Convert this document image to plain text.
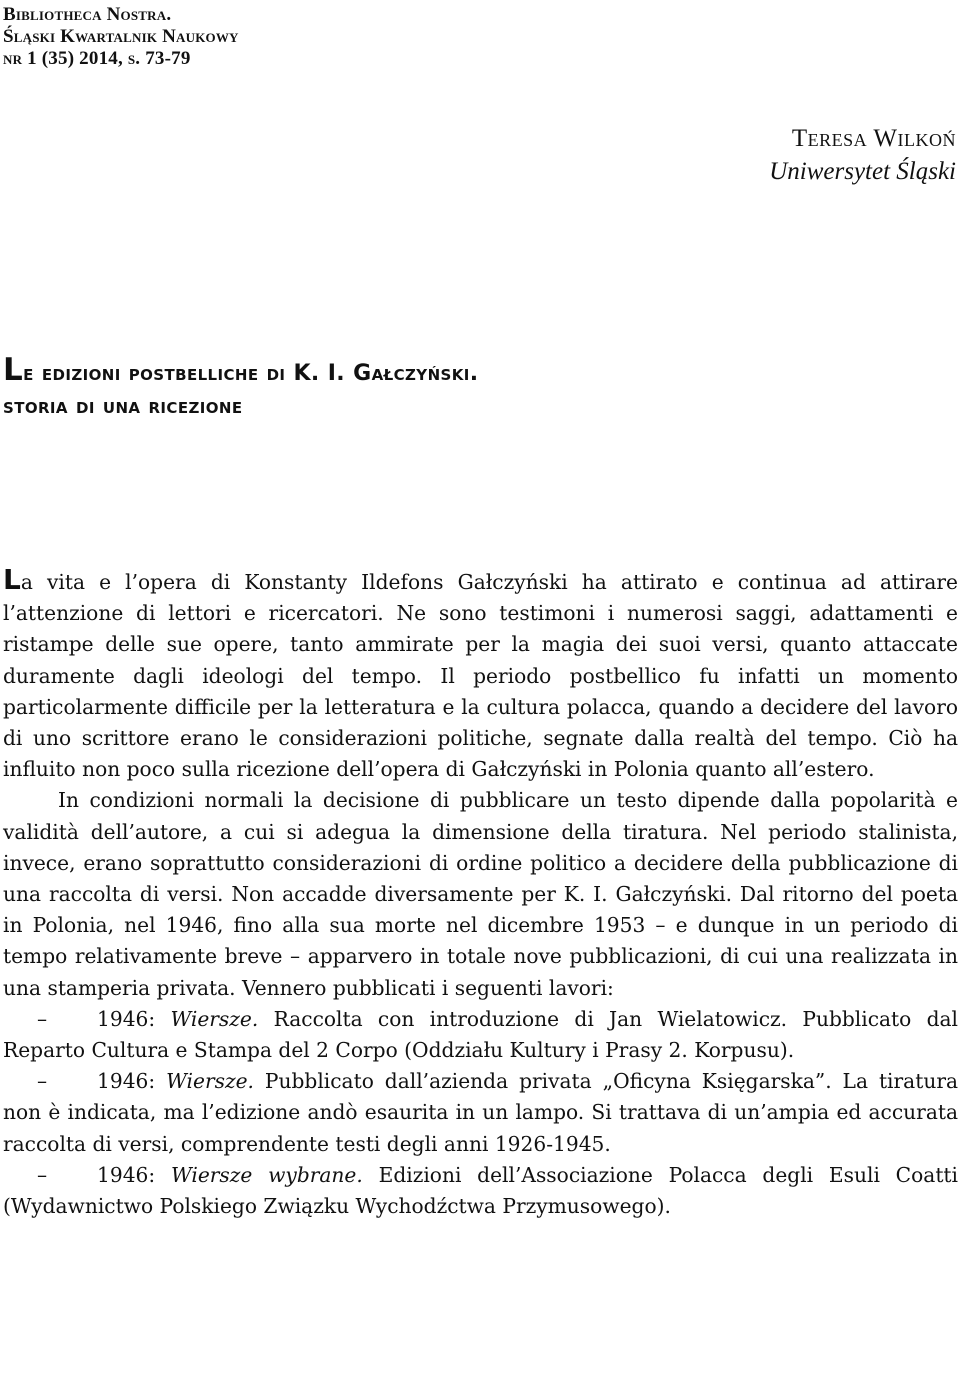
Bibliotheca Nostra.
Śląski Kwartalnik Naukowy
nr 1 (35) 2014, s. 73-79
Teresa Wilkoń
Uniwersytet Śląski
Le edizioni postbelliche di K. I. Gałczyński.
storia di una ricezione

La vita e l’opera di Konstanty Ildefons Gałczyński ha attirato e continua ad attirare l’attenzione di lettori e ricercatori. Ne sono testimoni i numerosi saggi, adattamenti e ristampe delle sue opere, tanto ammirate per la magia dei suoi versi, quanto attaccate duramente dagli ideologi del tempo. Il periodo postbellico fu infatti un momento particolarmente difficile per la letteratura e la cultura polacca, quando a decidere del lavoro di uno scrittore erano le considerazioni politiche, segnate dalla realtà del tempo. Ciò ha influito non poco sulla ricezione dell’opera di Gałczyński in Polonia quanto all’estero.

In condizioni normali la decisione di pubblicare un testo dipende dalla popolarità e validità dell’autore, a cui si adegua la dimensione della tiratura. Nel periodo stalinista, invece, erano soprattutto considerazioni di ordine politico a decidere della pubblicazione di una raccolta di versi. Non accadde diversamente per K. I. Gałczyński. Dal ritorno del poeta in Polonia, nel 1946, fino alla sua morte nel dicembre 1953 – e dunque in un periodo di tempo relativamente breve – apparvero in totale nove pubblicazioni, di cui una realizzata in una stamperia privata. Vennero pubblicati i seguenti lavori:

– 1946: Wiersze. Raccolta con introduzione di Jan Wielatowicz. Pubblicato dal Reparto Cultura e Stampa del 2 Corpo (Oddziału Kultury i Prasy 2. Korpusu).

– 1946: Wiersze. Pubblicato dall’azienda privata „Oficyna Księgarska”. La tiratura non è indicata, ma l’edizione andò esaurita in un lampo. Si trattava di un’ampia ed accurata raccolta di versi, comprendente testi degli anni 1926-1945.

– 1946: Wiersze wybrane. Edizioni dell’Associazione Polacca degli Esuli Coatti (Wydawnictwo Polskiego Związku Wychodźctwa Przymusowego).
